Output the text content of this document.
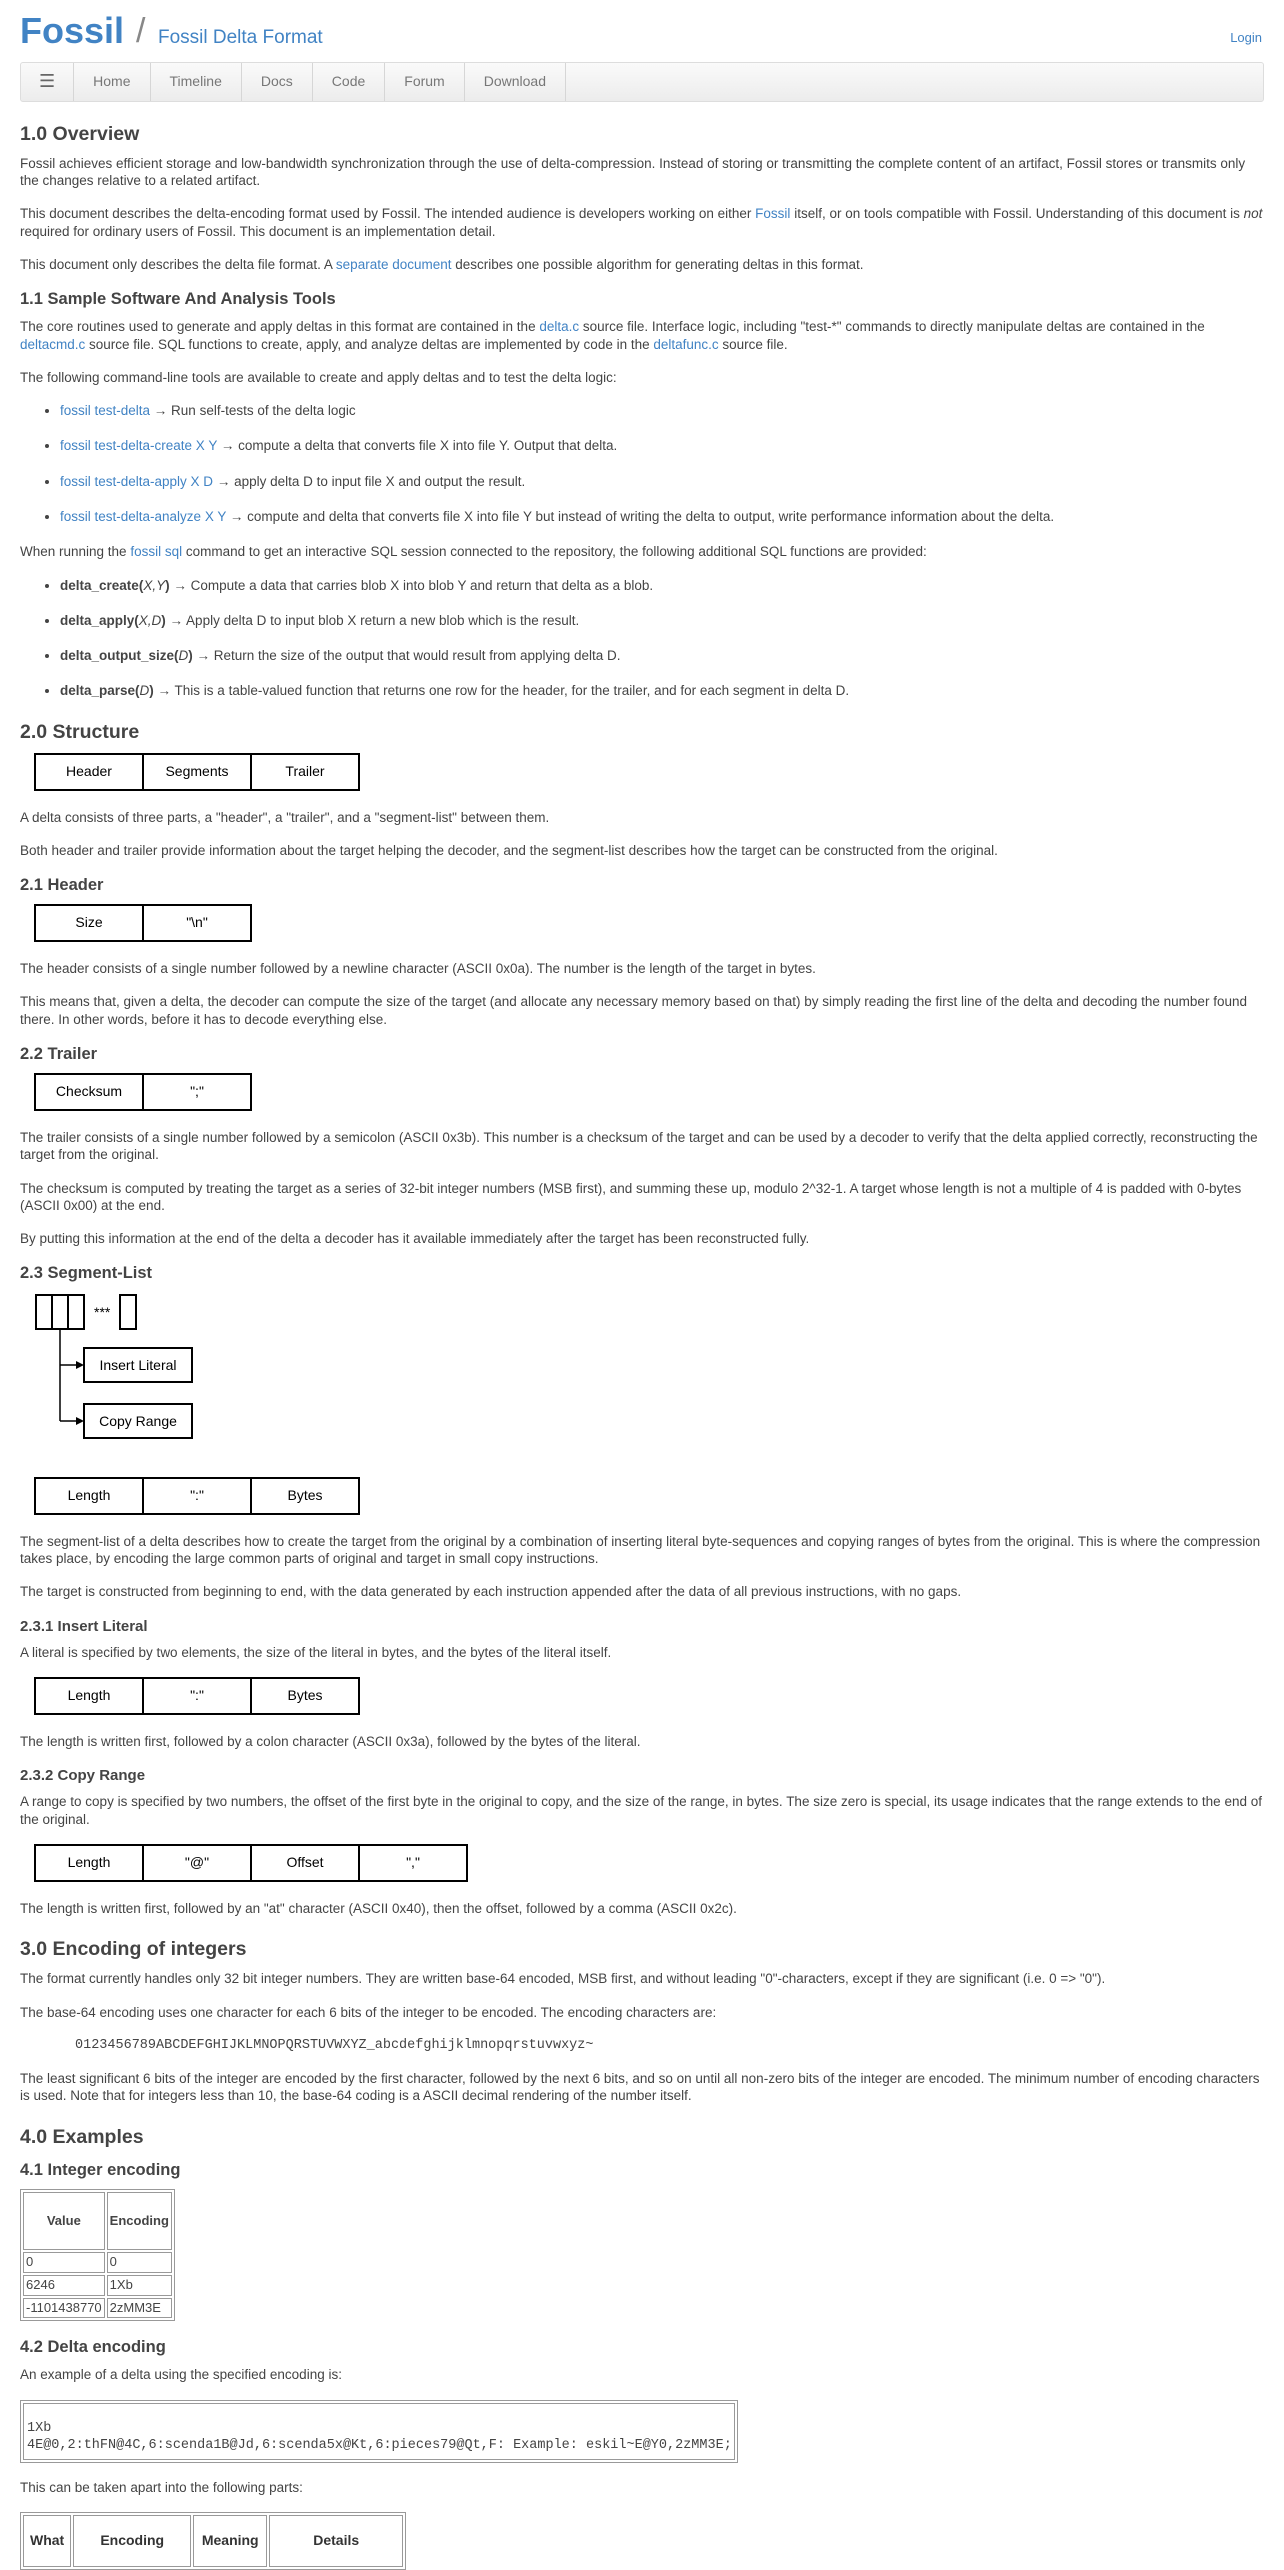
Fossil / Fossil Delta Format	Login
☰	Home	Timeline	Docs	Code	Forum	Download
1.0 Overview

Fossil achieves efficient storage and low-bandwidth synchronization through the use of delta-compression. Instead of storing or transmitting the complete content of an artifact, Fossil stores or transmits only the changes relative to a related artifact.

This document describes the delta-encoding format used by Fossil. The intended audience is developers working on either Fossil itself, or on tools compatible with Fossil. Understanding of this document is not required for ordinary users of Fossil. This document is an implementation detail.

This document only describes the delta file format. A separate document describes one possible algorithm for generating deltas in this format.

1.1 Sample Software And Analysis Tools

The core routines used to generate and apply deltas in this format are contained in the delta.c source file. Interface logic, including "test-*" commands to directly manipulate deltas are contained in the deltacmd.c source file. SQL functions to create, apply, and analyze deltas are implemented by code in the deltafunc.c source file.

The following command-line tools are available to create and apply deltas and to test the delta logic:

• fossil test-delta → Run self-tests of the delta logic
• fossil test-delta-create X Y → compute a delta that converts file X into file Y. Output that delta.
• fossil test-delta-apply X D → apply delta D to input file X and output the result.
• fossil test-delta-analyze X Y → compute and delta that converts file X into file Y but instead of writing the delta to output, write performance information about the delta.

When running the fossil sql command to get an interactive SQL session connected to the repository, the following additional SQL functions are provided:

• delta_create(X,Y) → Compute a data that carries blob X into blob Y and return that delta as a blob.
• delta_apply(X,D) → Apply delta D to input blob X return a new blob which is the result.
• delta_output_size(D) → Return the size of the output that would result from applying delta D.
• delta_parse(D) → This is a table-valued function that returns one row for the header, for the trailer, and for each segment in delta D.
2.0 Structure
Header	Segments	Trailer

A delta consists of three parts, a "header", a "trailer", and a "segment-list" between them.

Both header and trailer provide information about the target helping the decoder, and the segment-list describes how the target can be constructed from the original.

2.1 Header
Size	"\n"

The header consists of a single number followed by a newline character (ASCII 0x0a). The number is the length of the target in bytes.

This means that, given a delta, the decoder can compute the size of the target (and allocate any necessary memory based on that) by simply reading the first line of the delta and decoding the number found there. In other words, before it has to decode everything else.

2.2 Trailer
Checksum	";"

The trailer consists of a single number followed by a semicolon (ASCII 0x3b). This number is a checksum of the target and can be used by a decoder to verify that the delta applied correctly, reconstructing the target from the original.

The checksum is computed by treating the target as a series of 32-bit integer numbers (MSB first), and summing these up, modulo 2^32-1. A target whose length is not a multiple of 4 is padded with 0-bytes (ASCII 0x00) at the end.

By putting this information at the end of the delta a decoder has it available immediately after the target has been reconstructed fully.

2.3 Segment-List
***
Insert Literal
Copy Range
Length	":"	Bytes

The segment-list of a delta describes how to create the target from the original by a combination of inserting literal byte-sequences and copying ranges of bytes from the original. This is where the compression takes place, by encoding the large common parts of original and target in small copy instructions.

The target is constructed from beginning to end, with the data generated by each instruction appended after the data of all previous instructions, with no gaps.

2.3.1 Insert Literal

A literal is specified by two elements, the size of the literal in bytes, and the bytes of the literal itself.

Length	":"	Bytes

The length is written first, followed by a colon character (ASCII 0x3a), followed by the bytes of the literal.

2.3.2 Copy Range

A range to copy is specified by two numbers, the offset of the first byte in the original to copy, and the size of the range, in bytes. The size zero is special, its usage indicates that the range extends to the end of the original.

Length	"@"	Offset	","

The length is written first, followed by an "at" character (ASCII 0x40), then the offset, followed by a comma (ASCII 0x2c).

3.0 Encoding of integers

The format currently handles only 32 bit integer numbers. They are written base-64 encoded, MSB first, and without leading "0"-characters, except if they are significant (i.e. 0 => "0").

The base-64 encoding uses one character for each 6 bits of the integer to be encoded. The encoding characters are:

0123456789ABCDEFGHIJKLMNOPQRSTUVWXYZ_abcdefghijklmnopqrstuvwxyz~

The least significant 6 bits of the integer are encoded by the first character, followed by the next 6 bits, and so on until all non-zero bits of the integer are encoded. The minimum number of encoding characters is used. Note that for integers less than 10, the base-64 coding is a ASCII decimal rendering of the number itself.

4.0 Examples
4.1 Integer encoding
Value	Encoding
0	0
6246	1Xb
-1101438770	2zMM3E
4.2 Delta encoding

An example of a delta using the specified encoding is:

1Xb
4E@0,2:thFN@4C,6:scenda1B@Jd,6:scenda5x@Kt,6:pieces79@Qt,F: Example: eskil~E@Y0,2zMM3E;

This can be taken apart into the following parts:

What	Encoding	Meaning	Details
